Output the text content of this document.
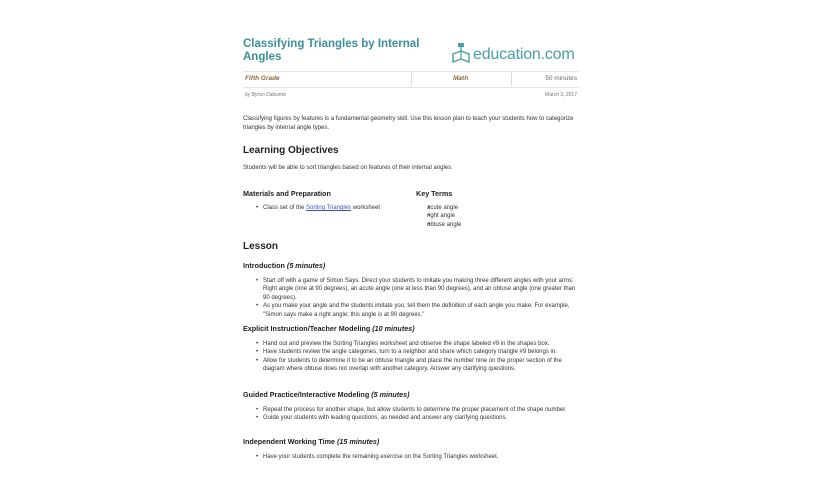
Classifying Triangles by Internal Angles	education.com
Fifth Grade	Math	50 minutes
by Byron Dalcomb	March 3, 2017
Classifying figures by features is a fundamental geometry skill. Use this lesson plan to teach your students how to categorize triangles by internal angle types.
Learning Objectives
Students will be able to sort triangles based on features of their internal angles.
Materials and Preparation
• Class set of the Sorting Triangles worksheet
Key Terms
• acute angle
• right angle
• obtuse angle
Lesson
Introduction (5 minutes)
• Start off with a game of Simon Says. Direct your students to imitate you making three different angles with your arms: Right angle (one at 90 degrees), an acute angle (one at less than 90 degrees), and an obtuse angle (one greater than 90 degrees).
• As you make your angle and the students imitate you, tell them the definition of each angle you make. For example, "Simon says make a right angle; this angle is at 90 degrees."
Explicit Instruction/Teacher Modeling (10 minutes)
• Hand out and preview the Sorting Triangles worksheet and observe the shape labeled #9 in the shapes box.
• Have students review the angle categories, turn to a neighbor and share which category triangle #9 belongs in.
• Allow for students to determine it to be an obtuse triangle and place the number nine on the proper section of the diagram where obtuse does not overlap with another category. Answer any clarifying questions.
Guided Practice/Interactive Modeling (5 minutes)
• Repeat the process for another shape, but allow students to determine the proper placement of the shape number.
• Guide your students with leading questions, as needed and answer any clarifying questions.
Independent Working Time (15 minutes)
• Have your students complete the remaining exercise on the Sorting Triangles worksheet.
